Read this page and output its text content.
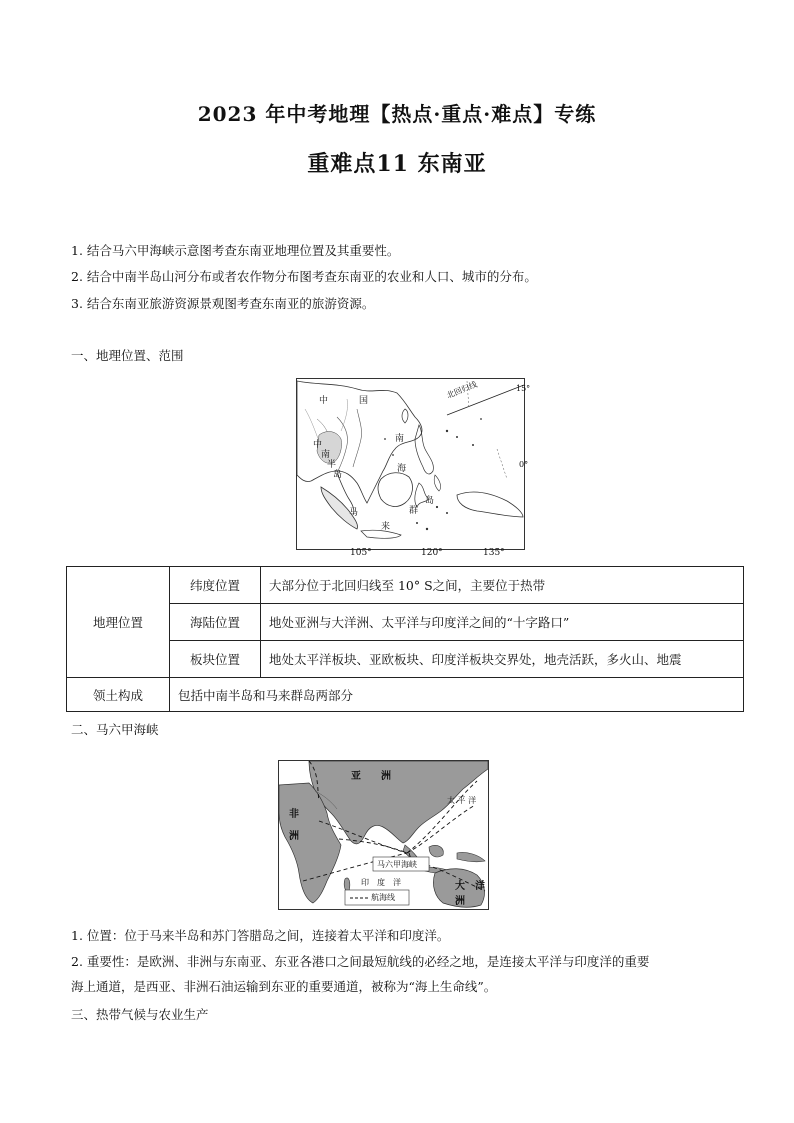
2023 年中考地理【热点·重点·难点】专练
重难点11 东南亚
1. 结合马六甲海峡示意图考查东南亚地理位置及其重要性。
2. 结合中南半岛山河分布或者农作物分布图考查东南亚的农业和人口、城市的分布。
3. 结合东南亚旅游资源景观图考查东南亚的旅游资源。
一、地理位置、范围
中	国
北回归线
中
南
半
岛
南
海
马
来
群
岛
15°
0°
105°	120°	135°
地理位置	纬度位置	大部分位于北回归线至 10° S之间，主要位于热带
	海陆位置	地处亚洲与大洋洲、太平洋与印度洋之间的“十字路口”
	板块位置	地处太平洋板块、亚欧板块、印度洋板块交界处，地壳活跃，多火山、地震
领土构成	包括中南半岛和马来群岛两部分	
二、马六甲海峡
亚　　洲
非
洲
太 平 洋
印　度　洋	大　洋　洲
马六甲海峡
航海线
1. 位置：位于马来半岛和苏门答腊岛之间，连接着太平洋和印度洋。
2. 重要性：是欧洲、非洲与东南亚、东亚各港口之间最短航线的必经之地，是连接太平洋与印度洋的重要
海上通道，是西亚、非洲石油运输到东亚的重要通道，被称为“海上生命线”。
三、热带气候与农业生产
